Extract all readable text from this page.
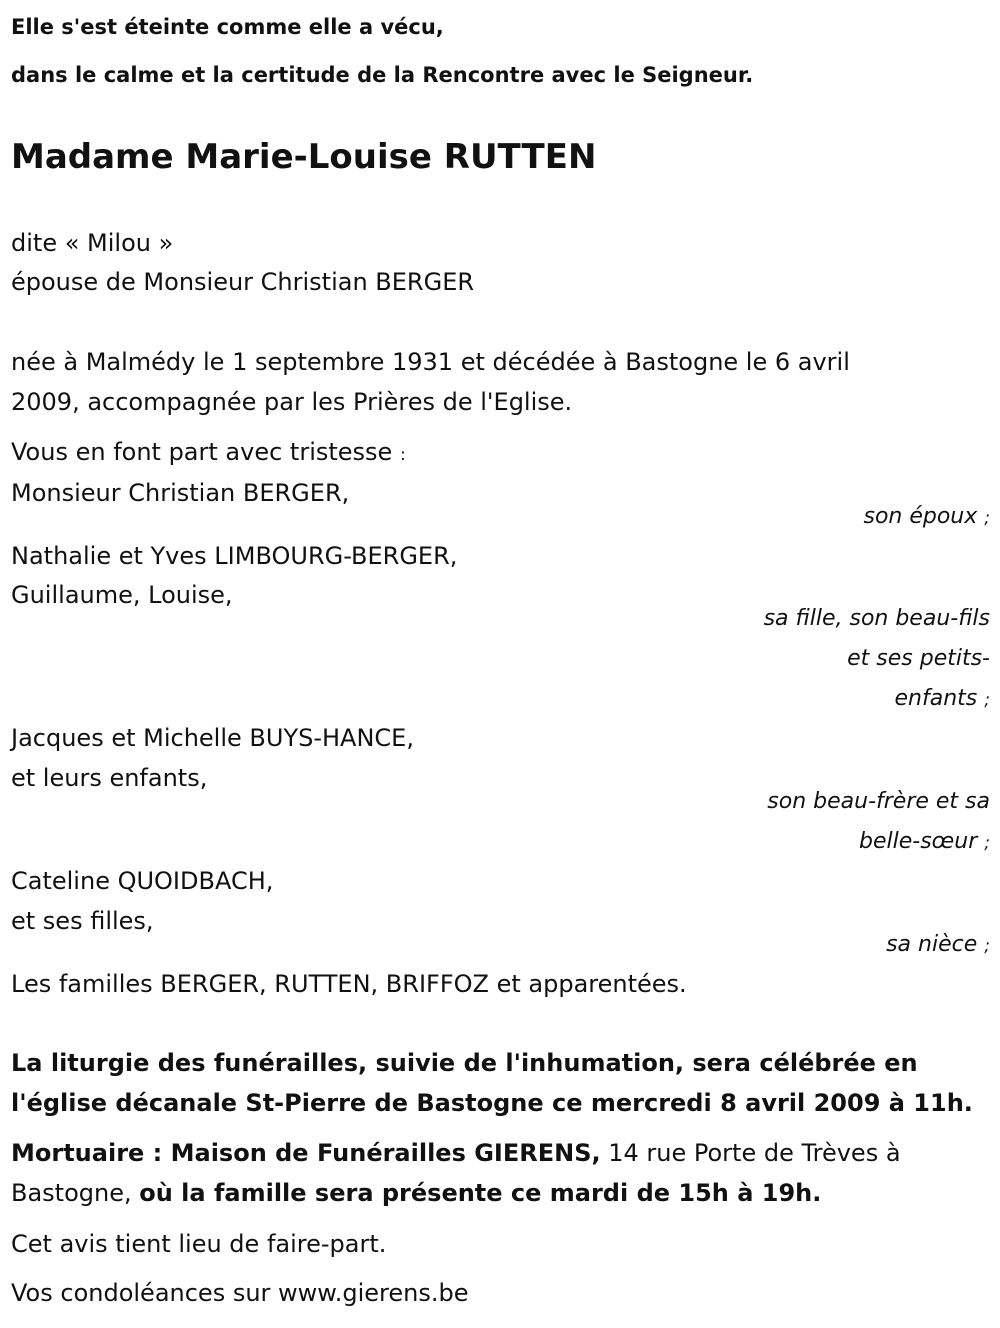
Elle s'est éteinte comme elle a vécu,

dans le calme et la certitude de la Rencontre avec le Seigneur.

Madame Marie-Louise RUTTEN

dite « Milou »

épouse de Monsieur Christian BERGER

née à Malmédy le 1 septembre 1931 et décédée à Bastogne le 6 avril

2009, accompagnée par les Prières de l'Eglise.

Vous en font part avec tristesse :

Monsieur Christian BERGER,

son époux ;

Nathalie et Yves LIMBOURG-BERGER,

Guillaume, Louise,

sa fille, son beau-fils

et ses petits-

enfants ;

Jacques et Michelle BUYS-HANCE,

et leurs enfants,

son beau-frère et sa

belle-sœur ;

Cateline QUOIDBACH,

et ses filles,

sa nièce ;

Les familles BERGER, RUTTEN, BRIFFOZ et apparentées.

La liturgie des funérailles, suivie de l'inhumation, sera célébrée en

l'église décanale St-Pierre de Bastogne ce mercredi 8 avril 2009 à 11h.

Mortuaire : Maison de Funérailles GIERENS, 14 rue Porte de Trèves à

Bastogne, où la famille sera présente ce mardi de 15h à 19h.

Cet avis tient lieu de faire-part.

Vos condoléances sur www.gierens.be
